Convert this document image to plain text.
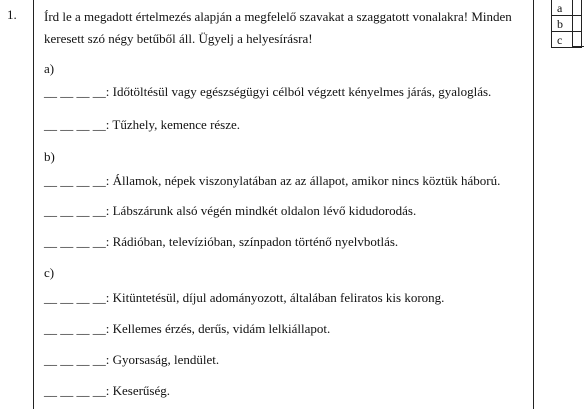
1. Írd le a megadott értelmezés alapján a megfelelő szavakat a szaggatott vonalakra! Minden
keresett szó négy betűből áll. Ügyelj a helyesírásra!

a)
__ __ __ __: Időtöltésül vagy egészségügyi célból végzett kényelmes járás, gyaloglás.
__ __ __ __: Tűzhely, kemence része.
b)
__ __ __ __: Államok, népek viszonylatában az az állapot, amikor nincs köztük háború.
__ __ __ __: Lábszárunk alsó végén mindkét oldalon lévő kidudorodás.
__ __ __ __: Rádióban, televízióban, színpadon történő nyelvbotlás.
c)
__ __ __ __: Kitüntetésül, díjul adományozott, általában feliratos kis korong.
__ __ __ __: Kellemes érzés, derűs, vidám lelkiállapot.
__ __ __ __: Gyorsaság, lendület.
__ __ __ __: Keserűség.
a
b
c
